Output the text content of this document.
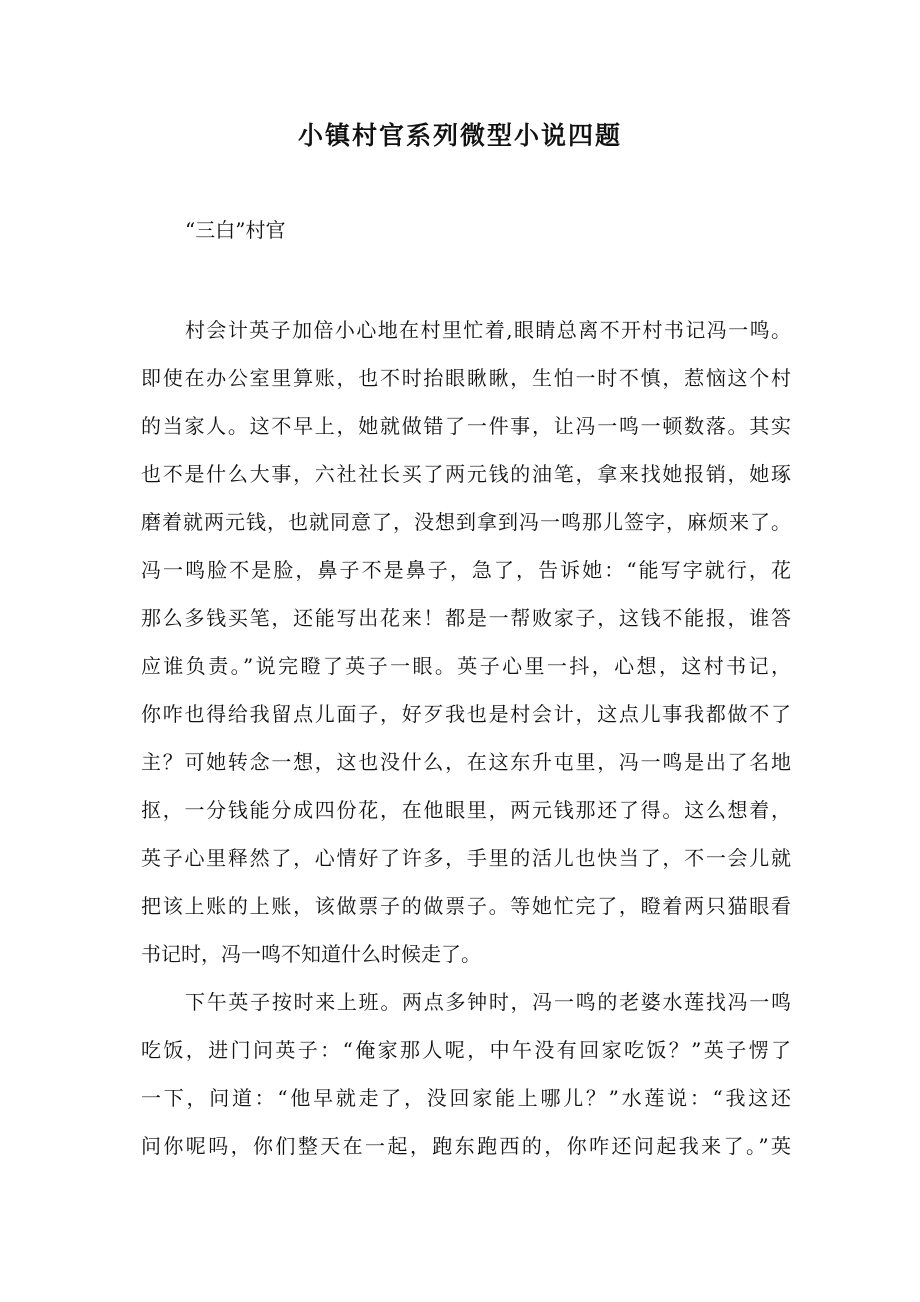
小镇村官系列微型小说四题
“三白”村官
村会计英子加倍小心地在村里忙着,眼睛总离不开村书记冯一鸣。
即使在办公室里算账，也不时抬眼瞅瞅，生怕一时不慎，惹恼这个村
的当家人。这不早上，她就做错了一件事，让冯一鸣一顿数落。其实
也不是什么大事，六社社长买了两元钱的油笔，拿来找她报销，她琢
磨着就两元钱，也就同意了，没想到拿到冯一鸣那儿签字，麻烦来了。
冯一鸣脸不是脸，鼻子不是鼻子，急了，告诉她：“能写字就行，花
那么多钱买笔，还能写出花来！都是一帮败家子，这钱不能报，谁答
应谁负责。”说完瞪了英子一眼。英子心里一抖，心想，这村书记，
你咋也得给我留点儿面子，好歹我也是村会计，这点儿事我都做不了
主？可她转念一想，这也没什么，在这东升屯里，冯一鸣是出了名地
抠，一分钱能分成四份花，在他眼里，两元钱那还了得。这么想着，
英子心里释然了，心情好了许多，手里的活儿也快当了，不一会儿就
把该上账的上账，该做票子的做票子。等她忙完了，瞪着两只猫眼看
书记时，冯一鸣不知道什么时候走了。
下午英子按时来上班。两点多钟时，冯一鸣的老婆水莲找冯一鸣
吃饭，进门问英子：“俺家那人呢，中午没有回家吃饭？”英子愣了
一下，问道：“他早就走了，没回家能上哪儿？”水莲说：“我这还
问你呢吗，你们整天在一起，跑东跑西的，你咋还问起我来了。”英
